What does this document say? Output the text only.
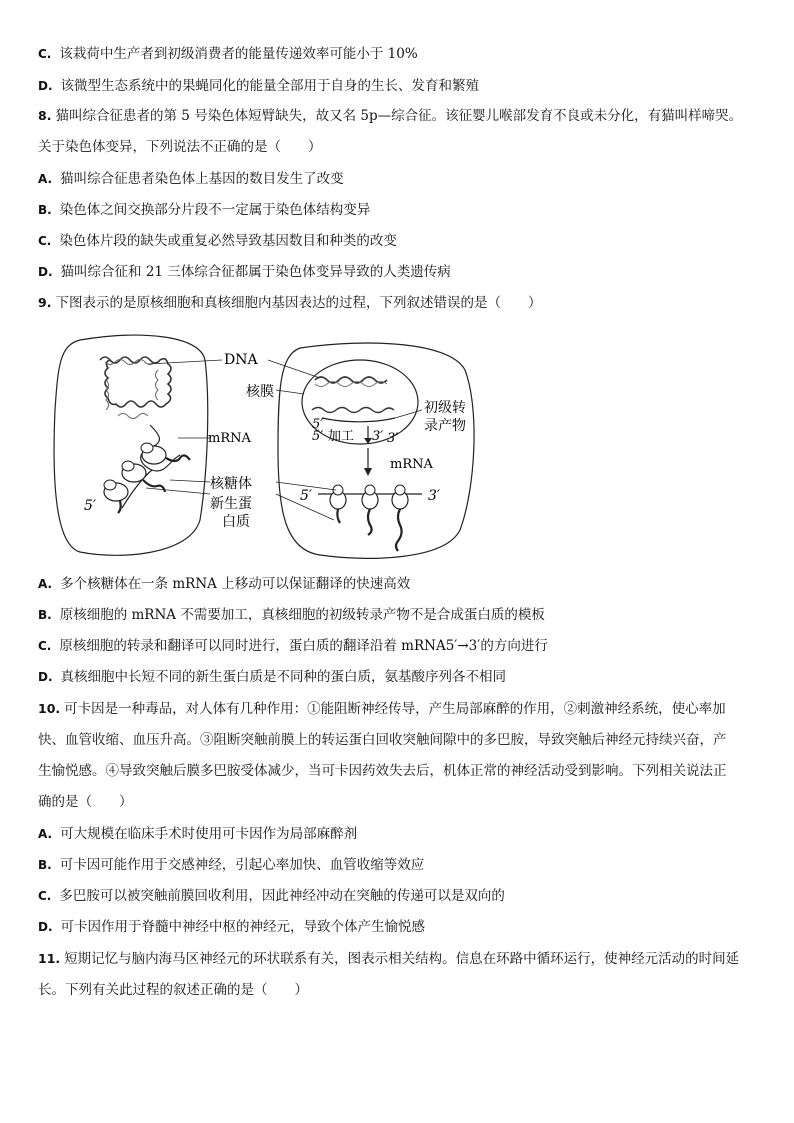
C. 该栽荷中生产者到初级消费者的能量传递效率可能小于 10%
D. 该微型生态系统中的果蝇同化的能量全部用于自身的生长、发育和繁殖
8. 猫叫综合征患者的第 5 号染色体短臂缺失，故又名 5p—综合征。该征婴儿喉部发育不良或未分化，有猫叫样啼哭。
关于染色体变异，下列说法不正确的是（　　）
A. 猫叫综合征患者染色体上基因的数目发生了改变
B. 染色体之间交换部分片段不一定属于染色体结构变异
C. 染色体片段的缺失或重复必然导致基因数目和种类的改变
D. 猫叫综合征和 21 三体综合征都属于染色体变异导致的人类遗传病
9. 下图表示的是原核细胞和真核细胞内基因表达的过程，下列叙述错误的是（　　）
5′
5′
5′ 加工 3′ 3′
5′	3′
DNA
核膜
mRNA
核糖体
新生蛋
白质
初级转
录产物
mRNA
A. 多个核糖体在一条 mRNA 上移动可以保证翻译的快速高效
B. 原核细胞的 mRNA 不需要加工，真核细胞的初级转录产物不是合成蛋白质的模板
C. 原核细胞的转录和翻译可以同时进行，蛋白质的翻译沿着 mRNA5′→3′的方向进行
D. 真核细胞中长短不同的新生蛋白质是不同种的蛋白质，氨基酸序列各不相同
10. 可卡因是一种毒品，对人体有几种作用：①能阻断神经传导，产生局部麻醉的作用，②刺激神经系统，使心率加
快、血管收缩、血压升高。③阻断突触前膜上的转运蛋白回收突触间隙中的多巴胺，导致突触后神经元持续兴奋，产
生愉悦感。④导致突触后膜多巴胺受体减少，当可卡因药效失去后，机体正常的神经活动受到影响。下列相关说法正
确的是（　　）
A. 可大规模在临床手术时使用可卡因作为局部麻醉剂
B. 可卡因可能作用于交感神经，引起心率加快、血管收缩等效应
C. 多巴胺可以被突触前膜回收利用，因此神经冲动在突触的传递可以是双向的
D. 可卡因作用于脊髓中神经中枢的神经元，导致个体产生愉悦感
11. 短期记忆与脑内海马区神经元的环状联系有关，图表示相关结构。信息在环路中循环运行，使神经元活动的时间延
长。下列有关此过程的叙述正确的是（　　）
